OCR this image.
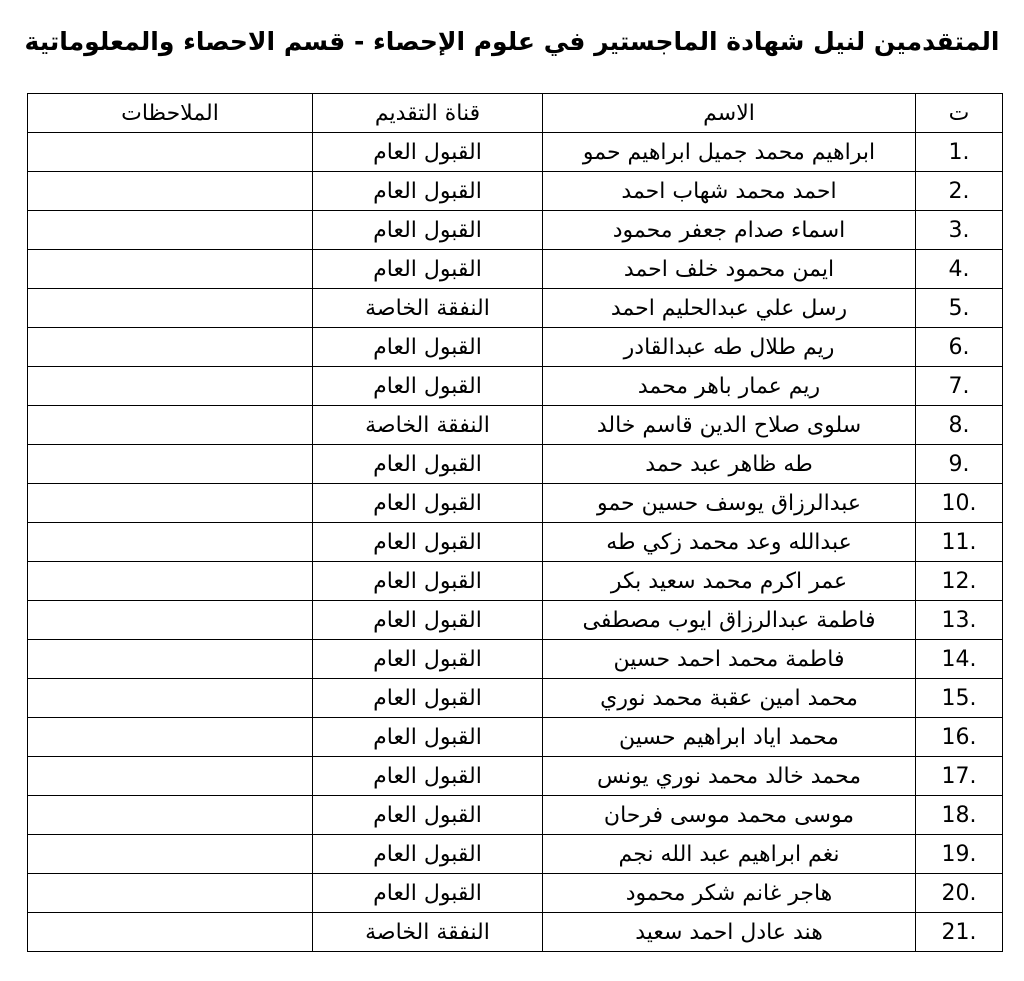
المتقدمين لنيل شهادة الماجستير في علوم الإحصاء - قسم الاحصاء والمعلوماتية
ت	الاسم	قناة التقديم	الملاحظات
1.	ابراهيم محمد جميل ابراهيم حمو	القبول العام	
2.	احمد محمد شهاب احمد	القبول العام	
3.	اسماء صدام جعفر محمود	القبول العام	
4.	ايمن محمود خلف احمد	القبول العام	
5.	رسل علي عبدالحليم احمد	النفقة الخاصة	
6.	ريم طلال طه عبدالقادر	القبول العام	
7.	ريم عمار باهر محمد	القبول العام	
8.	سلوى صلاح الدين قاسم خالد	النفقة الخاصة	
9.	طه ظاهر عبد حمد	القبول العام	
10.	عبدالرزاق يوسف حسين حمو	القبول العام	
11.	عبدالله وعد محمد زكي طه	القبول العام	
12.	عمر اكرم محمد سعيد بكر	القبول العام	
13.	فاطمة عبدالرزاق ايوب مصطفى	القبول العام	
14.	فاطمة محمد احمد حسين	القبول العام	
15.	محمد امين عقبة محمد نوري	القبول العام	
16.	محمد اياد ابراهيم حسين	القبول العام	
17.	محمد خالد محمد نوري يونس	القبول العام	
18.	موسى محمد موسى فرحان	القبول العام	
19.	نغم ابراهيم عبد الله نجم	القبول العام	
20.	هاجر غانم شكر محمود	القبول العام	
21.	هند عادل احمد سعيد	النفقة الخاصة	
